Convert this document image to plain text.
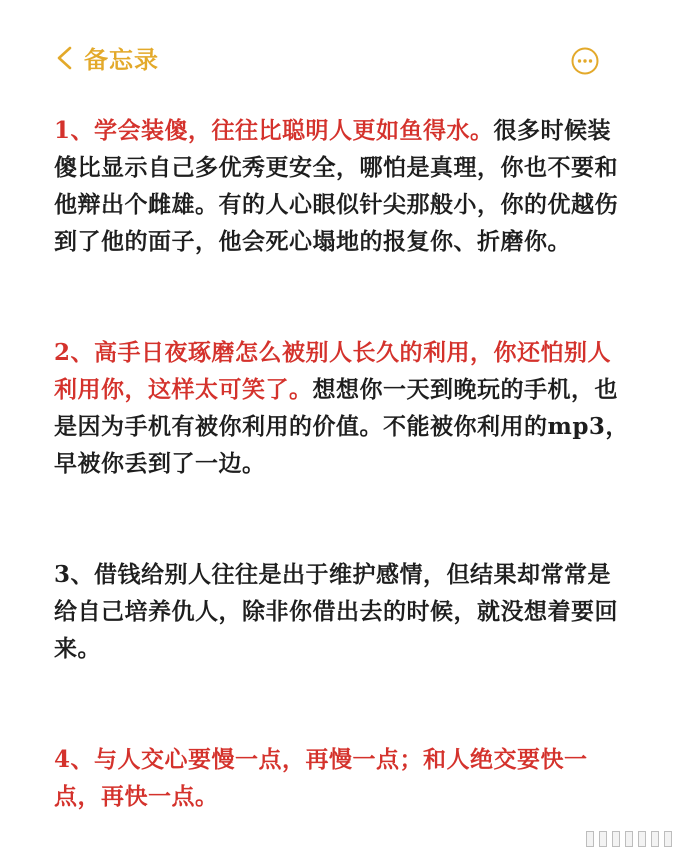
备忘录
1、学会装傻，往往比聪明人更如鱼得水。很多时候装傻比显示自己多优秀更安全，哪怕是真理，你也不要和他辩出个雌雄。有的人心眼似针尖那般小，你的优越伤到了他的面子，他会死心塌地的报复你、折磨你。
2、高手日夜琢磨怎么被别人长久的利用，你还怕别人利用你，这样太可笑了。想想你一天到晚玩的手机，也是因为手机有被你利用的价值。不能被你利用的mp3，早被你丢到了一边。
3、借钱给别人往往是出于维护感情，但结果却常常是给自己培养仇人，除非你借出去的时候，就没想着要回来。
4、与人交心要慢一点，再慢一点；和人绝交要快一点，再快一点。
